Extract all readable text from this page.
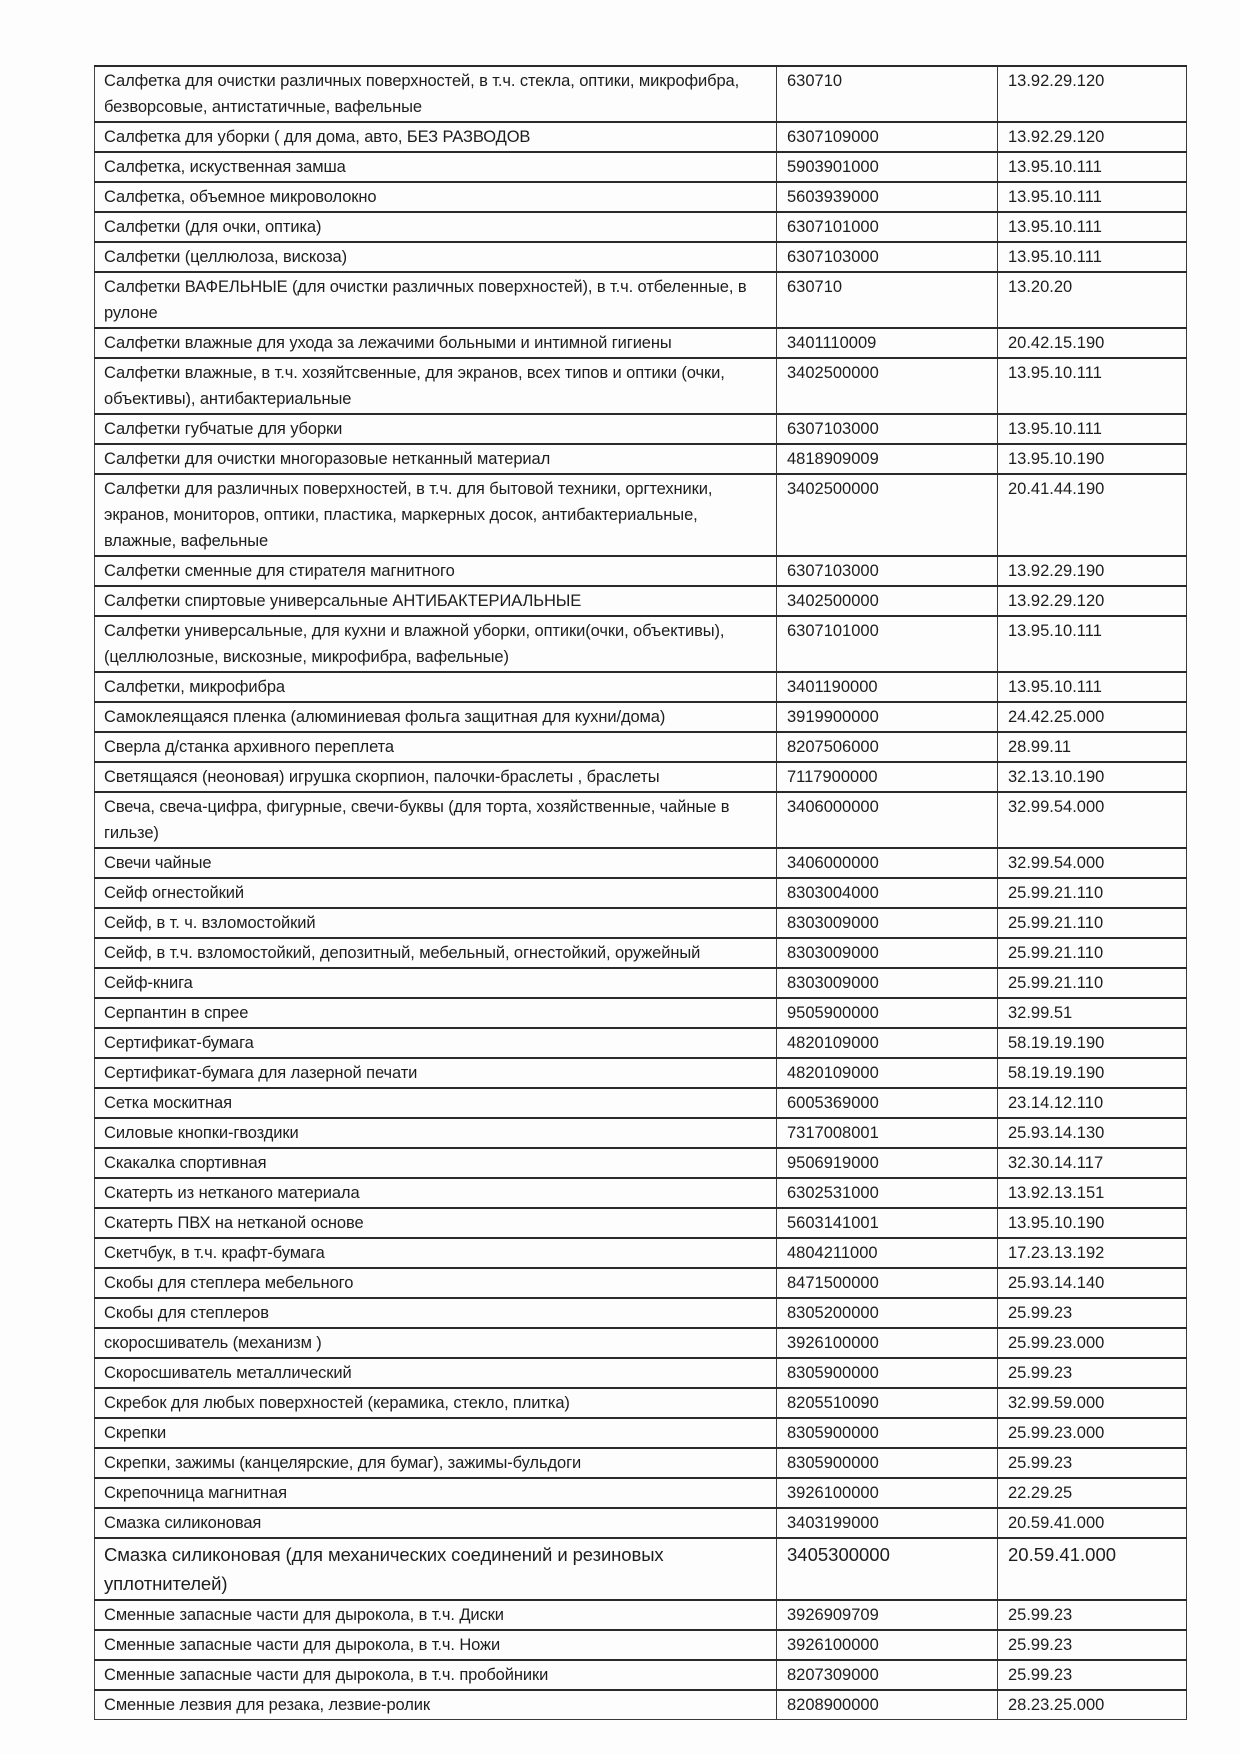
Салфетка для очистки различных поверхностей, в т.ч. стекла, оптики, микрофибра, безворсовые, антистатичные, вафельные	630710	13.92.29.120
Салфетка для уборки ( для дома, авто, БЕЗ РАЗВОДОВ	6307109000	13.92.29.120
Салфетка, искуственная замша	5903901000	13.95.10.111
Салфетка, объемное микроволокно	5603939000	13.95.10.111
Салфетки (для очки, оптика)	6307101000	13.95.10.111
Салфетки (целлюлоза, вискоза)	6307103000	13.95.10.111
Салфетки ВАФЕЛЬНЫЕ (для очистки различных поверхностей), в т.ч. отбеленные, в рулоне	630710	13.20.20
Салфетки влажные для ухода за лежачими больными и интимной гигиены	3401110009	20.42.15.190
Салфетки влажные, в т.ч. хозяйтсвенные, для экранов, всех типов и оптики (очки, объективы), антибактериальные	3402500000	13.95.10.111
Салфетки губчатые для уборки	6307103000	13.95.10.111
Салфетки для очистки многоразовые нетканный материал	4818909009	13.95.10.190
Салфетки для различных поверхностей, в т.ч. для бытовой техники, оргтехники, экранов, мониторов, оптики, пластика, маркерных досок, антибактериальные, влажные, вафельные	3402500000	20.41.44.190
Салфетки сменные для стирателя магнитного	6307103000	13.92.29.190
Салфетки спиртовые универсальные АНТИБАКТЕРИАЛЬНЫЕ	3402500000	13.92.29.120
Салфетки универсальные, для кухни и влажной уборки, оптики(очки, объективы), (целлюлозные, вискозные, микрофибра, вафельные)	6307101000	13.95.10.111
Салфетки, микрофибра	3401190000	13.95.10.111
Самоклеящаяся пленка (алюминиевая фольга защитная для кухни/дома)	3919900000	24.42.25.000
Сверла д/станка архивного переплета	8207506000	28.99.11
Светящаяся (неоновая) игрушка скорпион, палочки-браслеты , браслеты	7117900000	32.13.10.190
Свеча, свеча-цифра, фигурные, свечи-буквы (для торта, хозяйственные, чайные в гильзе)	3406000000	32.99.54.000
Свечи чайные	3406000000	32.99.54.000
Сейф огнестойкий	8303004000	25.99.21.110
Сейф, в т. ч. взломостойкий	8303009000	25.99.21.110
Сейф, в т.ч. взломостойкий, депозитный, мебельный, огнестойкий, оружейный	8303009000	25.99.21.110
Сейф-книга	8303009000	25.99.21.110
Серпантин в спрее	9505900000	32.99.51
Сертификат-бумага	4820109000	58.19.19.190
Сертификат-бумага для лазерной печати	4820109000	58.19.19.190
Сетка москитная	6005369000	23.14.12.110
Силовые кнопки-гвоздики	7317008001	25.93.14.130
Скакалка спортивная	9506919000	32.30.14.117
Скатерть из нетканого материала	6302531000	13.92.13.151
Скатерть ПВХ на нетканой основе	5603141001	13.95.10.190
Скетчбук, в т.ч. крафт-бумага	4804211000	17.23.13.192
Скобы для степлера мебельного	8471500000	25.93.14.140
Скобы для степлеров	8305200000	25.99.23
скоросшиватель (механизм )	3926100000	25.99.23.000
Скоросшиватель металлический	8305900000	25.99.23
Скребок для любых поверхностей (керамика, стекло, плитка)	8205510090	32.99.59.000
Скрепки	8305900000	25.99.23.000
Скрепки, зажимы (канцелярские, для бумаг), зажимы-бульдоги	8305900000	25.99.23
Скрепочница магнитная	3926100000	22.29.25
Смазка силиконовая	3403199000	20.59.41.000
Смазка силиконовая (для механических соединений и резиновых уплотнителей)	3405300000	20.59.41.000
Сменные запасные части для дырокола, в т.ч. Диски	3926909709	25.99.23
Сменные запасные части для дырокола, в т.ч. Ножи	3926100000	25.99.23
Сменные запасные части для дырокола, в т.ч. пробойники	8207309000	25.99.23
Сменные лезвия для резака, лезвие-ролик	8208900000	28.23.25.000
